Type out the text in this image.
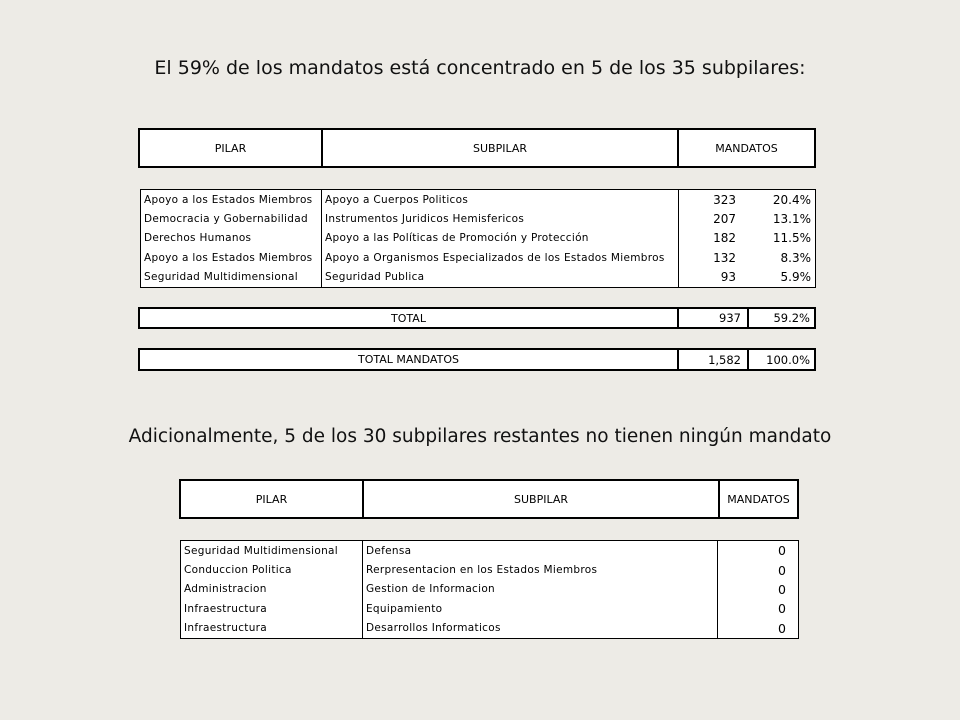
El 59% de los mandatos está concentrado en 5 de los 35 subpilares:
PILAR	SUBPILAR	MANDATOS
Apoyo a los Estados Miembros	Apoyo a Cuerpos Politicos	323	20.4%
Democracia y Gobernabilidad	Instrumentos Juridicos Hemisfericos	207	13.1%
Derechos Humanos	Apoyo a las Políticas de Promoción y Protección	182	11.5%
Apoyo a los Estados Miembros	Apoyo a Organismos Especializados de los Estados Miembros	132	8.3%
Seguridad Multidimensional	Seguridad Publica	93	5.9%
TOTAL	937	59.2%
TOTAL MANDATOS	1,582	100.0%
Adicionalmente, 5 de los 30 subpilares restantes no tienen ningún mandato
PILAR	SUBPILAR	MANDATOS
Seguridad Multidimensional	Defensa	0
Conduccion Politica	Rerpresentacion en los Estados Miembros	0
Administracion	Gestion de Informacion	0
Infraestructura	Equipamiento	0
Infraestructura	Desarrollos Informaticos	0
